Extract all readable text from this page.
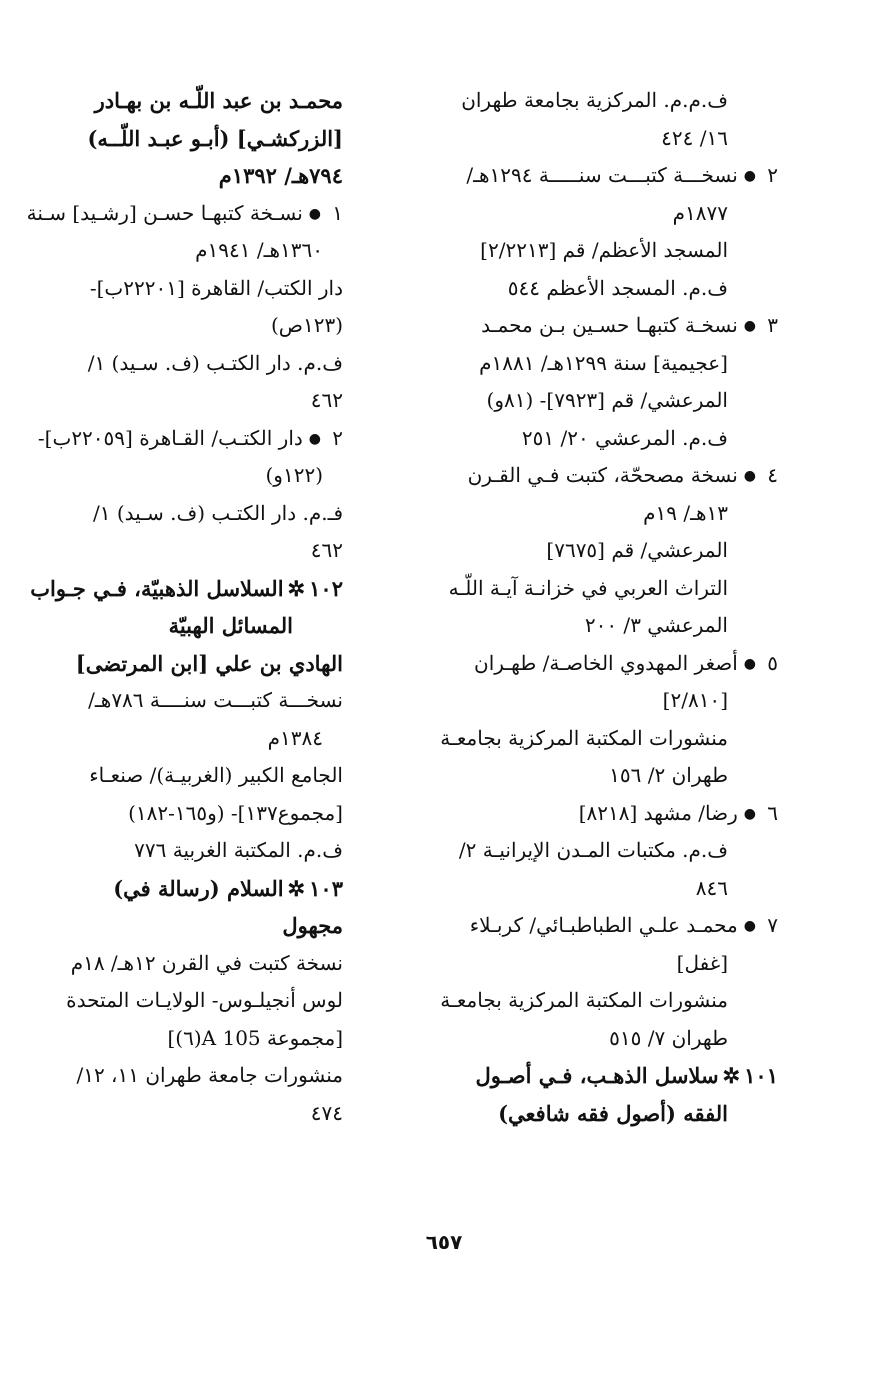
ف.م.م. المركزية بجامعة طهران
١٦/ ٤٢٤
٢●نسخـــة كتبـــت سنـــــة ١٢٩٤هـ/
١٨٧٧م
المسجد الأعظم/ قم [٢/٢٢١٣]
ف.م. المسجد الأعظم ٥٤٤
٣●نسخـة كتبهـا حسـين بـن محمـد
[عجيمية] سنة ١٢٩٩هـ/ ١٨٨١م
المرعشي/ قم [٧٩٢٣]- (٨١و)
ف.م. المرعشي ٢٠/ ٢٥١
٤●نسخة مصححّة، كتبت فـي القـرن
١٣هـ/ ١٩م
المرعشي/ قم [٧٦٧٥]
التراث العربي في خزانـة آيـة اللّـه
المرعشي ٣/ ٢٠٠
٥●أصغر المهدوي الخاصـة/ طهـران
[٢/٨١٠]
منشورات المكتبة المركزية بجامعـة
طهران ٢/ ١٥٦
٦●رضا/ مشهد [٨٢١٨]
ف.م. مكتبات المـدن الإيرانيـة ٢/
٨٤٦
٧●محمـد علـي الطباطبـائي/ كربـلاء
[غفل]
منشورات المكتبة المركزية بجامعـة
طهران ٧/ ٥١٥
١٠١✲سلاسل الذهـب، فـي أصـول
الفقه (أصول فقه شافعي)
محمـد بن عبد اللّـه بن بهـادر
[الزركشـي] (أبـو عبـد اللّــه)
٧٩٤هـ/ ١٣٩٢م
١●نسـخة كتبهـا حسـن [رشـيد] سـنة
١٣٦٠هـ/ ١٩٤١م
دار الكتب/ القاهرة [٢٢٢٠١ب]-
(١٢٣ص)
ف.م. دار الكتـب (ف. سـيد) ١/
٤٦٢
٢●دار الكتـب/ القـاهرة [٢٢٠٥٩ب]-
(١٢٢و)
فـ.م. دار الكتـب (ف. سـيد) ١/
٤٦٢
١٠٢✲السلاسل الذهبيّة، فـي جـواب
المسائل الهبيّة
الهادي بن علي [ابن المرتضى]
نسخـــة كتبـــت سنــــة ٧٨٦هـ/
١٣٨٤م
الجامع الكبير (الغربيـة)/ صنعـاء
[مجموع١٣٧]- (و١٦٥-١٨٢)
ف.م. المكتبة الغربية ٧٧٦
١٠٣✲السلام (رسالة في)
مجهول
نسخة كتبت في القرن ١٢هـ/ ١٨م
لوس أنجيلـوس- الولايـات المتحدة
[مجموعة A 105(٦)]
منشورات جامعة طهران ١١، ١٢/
٤٧٤
٦٥٧
